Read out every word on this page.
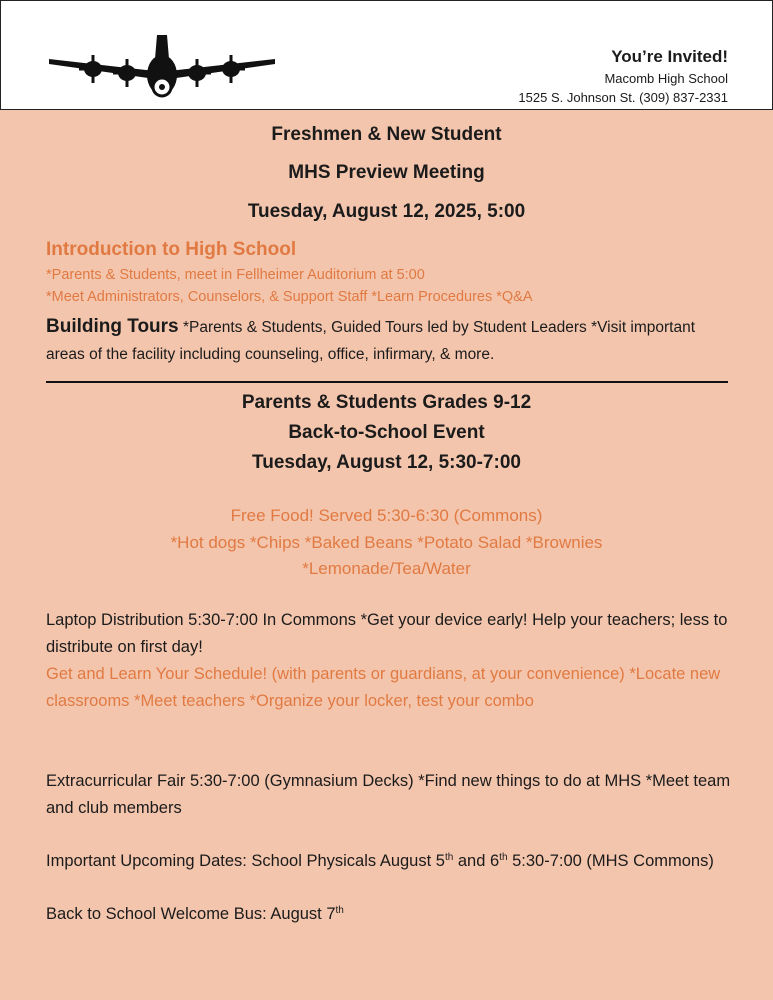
You’re Invited!
Macomb High School
1525 S. Johnson St. (309) 837-2331
Freshmen & New Student
MHS Preview Meeting
Tuesday, August 12, 2025, 5:00
Introduction to High School
*Parents & Students, meet in Fellheimer Auditorium at 5:00
*Meet Administrators, Counselors, & Support Staff *Learn Procedures *Q&A
Building Tours *Parents & Students, Guided Tours led by Student Leaders *Visit important areas of the facility including counseling, office, infirmary, & more.
Parents & Students Grades 9-12
Back-to-School Event
Tuesday, August 12, 5:30-7:00
Free Food! Served 5:30-6:30 (Commons)
*Hot dogs *Chips *Baked Beans *Potato Salad *Brownies
*Lemonade/Tea/Water
Laptop Distribution 5:30-7:00 In Commons *Get your device early! Help your teachers; less to distribute on first day!
Get and Learn Your Schedule! (with parents or guardians, at your convenience) *Locate new classrooms *Meet teachers *Organize your locker, test your combo
Extracurricular Fair 5:30-7:00 (Gymnasium Decks) *Find new things to do at MHS *Meet team and club members
Important Upcoming Dates: School Physicals August 5th and 6th 5:30-7:00 (MHS Commons)
Back to School Welcome Bus: August 7th
